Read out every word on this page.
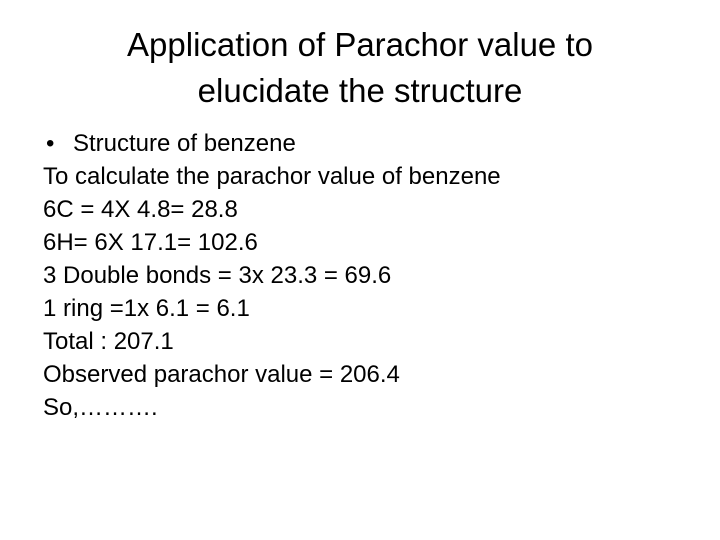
Application of Parachor value to
elucidate the structure
• Structure of benzene
To calculate the parachor value of benzene
6C = 4X 4.8= 28.8
6H= 6X 17.1= 102.6
3 Double bonds = 3x 23.3 = 69.6
1 ring =1x 6.1 = 6.1
Total : 207.1
Observed parachor value = 206.4
So,……….
